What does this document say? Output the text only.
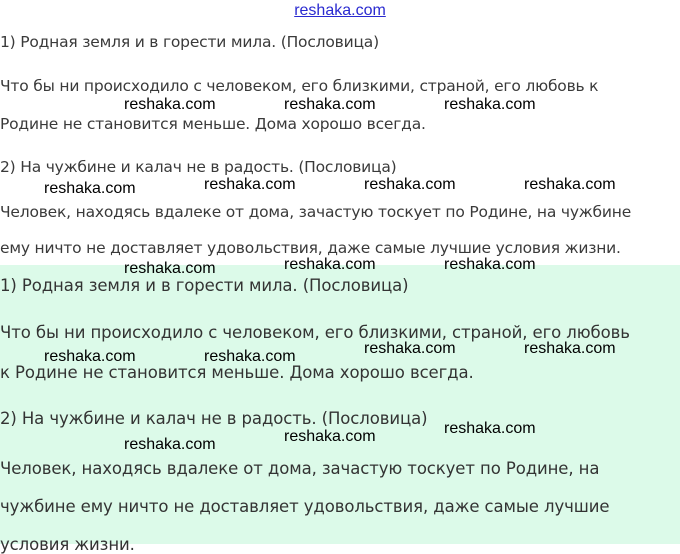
reshaka.com
1) Родная земля и в горести мила. (Пословица)
Что бы ни происходило с человеком, его близкими, страной, его любовь к
Родине не становится меньше. Дома хорошо всегда.
2) На чужбине и калач не в радость. (Пословица)
Человек, находясь вдалеке от дома, зачастую тоскует по Родине, на чужбине
ему ничто не доставляет удовольствия, даже самые лучшие условия жизни.
1) Родная земля и в горести мила. (Пословица)
Что бы ни происходило с человеком, его близкими, страной, его любовь
к Родине не становится меньше. Дома хорошо всегда.
2) На чужбине и калач не в радость. (Пословица)
Человек, находясь вдалеке от дома, зачастую тоскует по Родине, на
чужбине ему ничто не доставляет удовольствия, даже самые лучшие
условия жизни.
reshaka.com	reshaka.com	reshaka.com
reshaka.com	reshaka.com	reshaka.com	reshaka.com
reshaka.com	reshaka.com	reshaka.com
reshaka.com	reshaka.com	reshaka.com	reshaka.com
reshaka.com	reshaka.com	reshaka.com
